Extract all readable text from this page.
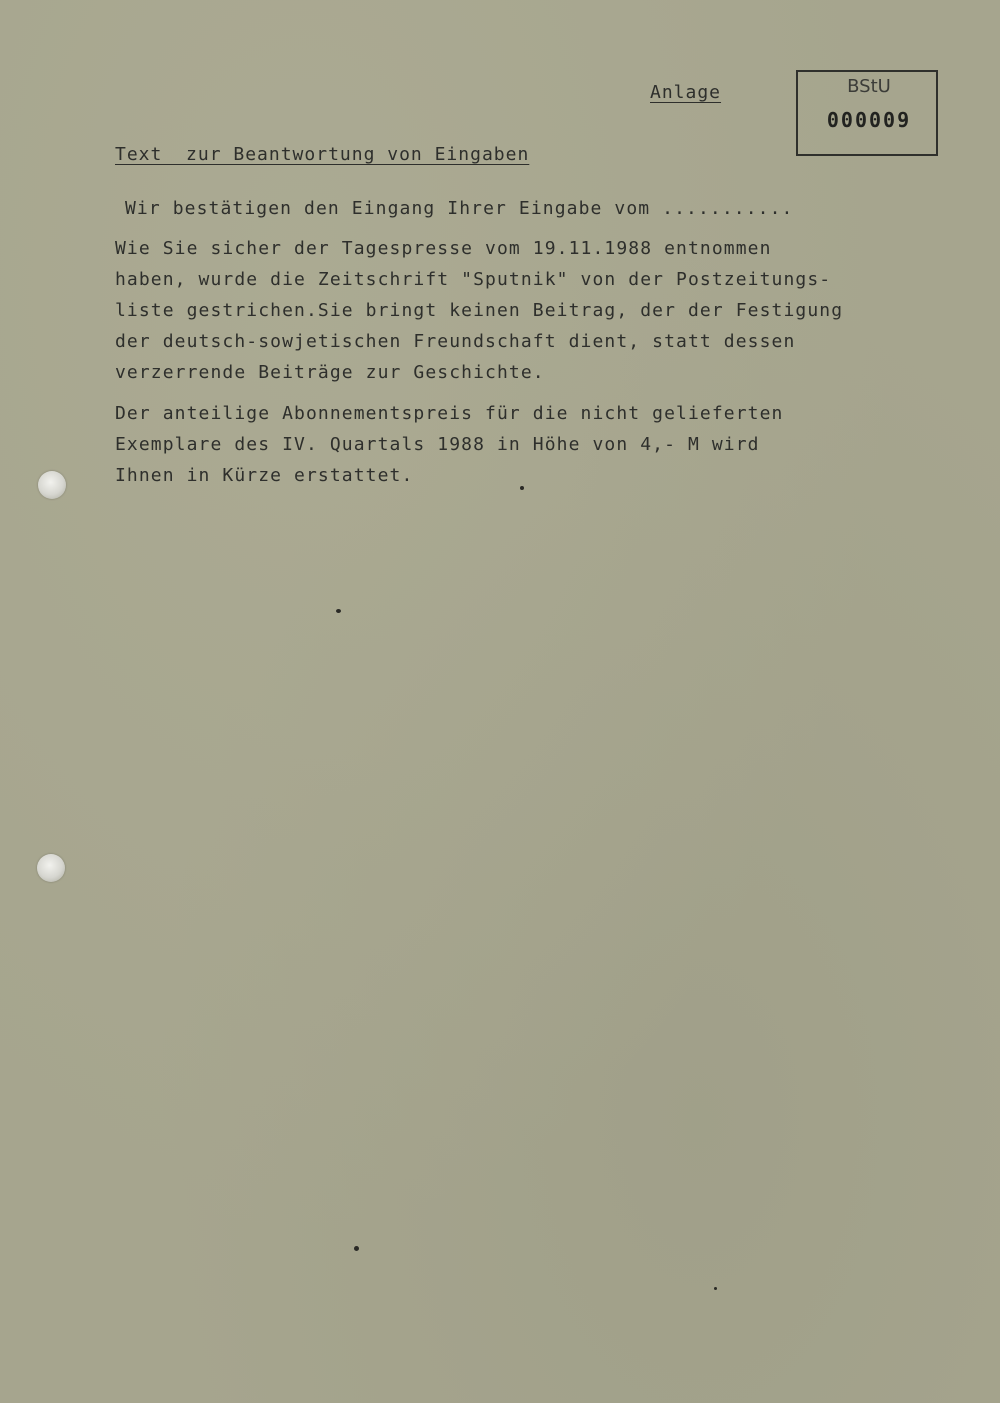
Anlage	BStU
000009
Text  zur Beantwortung von Eingaben
Wir bestätigen den Eingang Ihrer Eingabe vom ...........
Wie Sie sicher der Tagespresse vom 19.11.1988 entnommen
haben, wurde die Zeitschrift "Sputnik" von der Postzeitungs-
liste gestrichen.Sie bringt keinen Beitrag, der der Festigung
der deutsch-sowjetischen Freundschaft dient, statt dessen
verzerrende Beiträge zur Geschichte.
Der anteilige Abonnementspreis für die nicht gelieferten
Exemplare des IV. Quartals 1988 in Höhe von 4,- M wird
Ihnen in Kürze erstattet.
